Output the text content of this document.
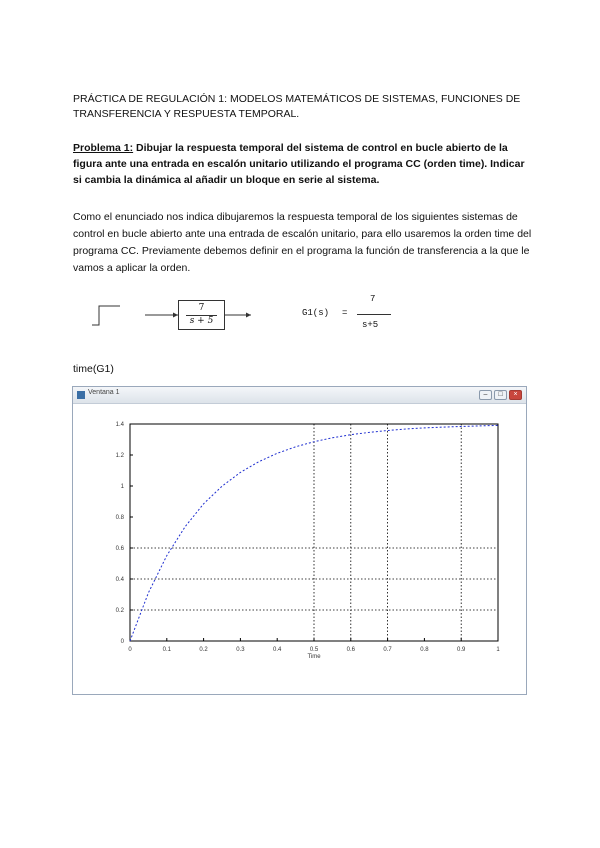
PRÁCTICA DE REGULACIÓN 1: MODELOS MATEMÁTICOS DE SISTEMAS, FUNCIONES DE TRANSFERENCIA Y RESPUESTA TEMPORAL.
Problema 1: Dibujar la respuesta temporal del sistema de control en bucle abierto de la figura ante una entrada en escalón unitario utilizando el programa CC (orden time). Indicar si cambia la dinámica al añadir un bloque en serie al sistema.
Como el enunciado nos indica dibujaremos la respuesta temporal de los siguientes sistemas de control en bucle abierto ante una entrada de escalón unitario, para ello usaremos la orden time del programa CC. Previamente debemos definir en el programa la función de transferencia a la que le vamos a aplicar la orden.
7
s + 5
G1(s) =
7
s+5
time(G1)
Ventana 1	–	□	×
0	0.1	0.2	0.3	0.4	0.5	0.6	0.7	0.8	0.9	1
0
0.2
0.4
0.6
0.8
1
1.2
1.4
Time
